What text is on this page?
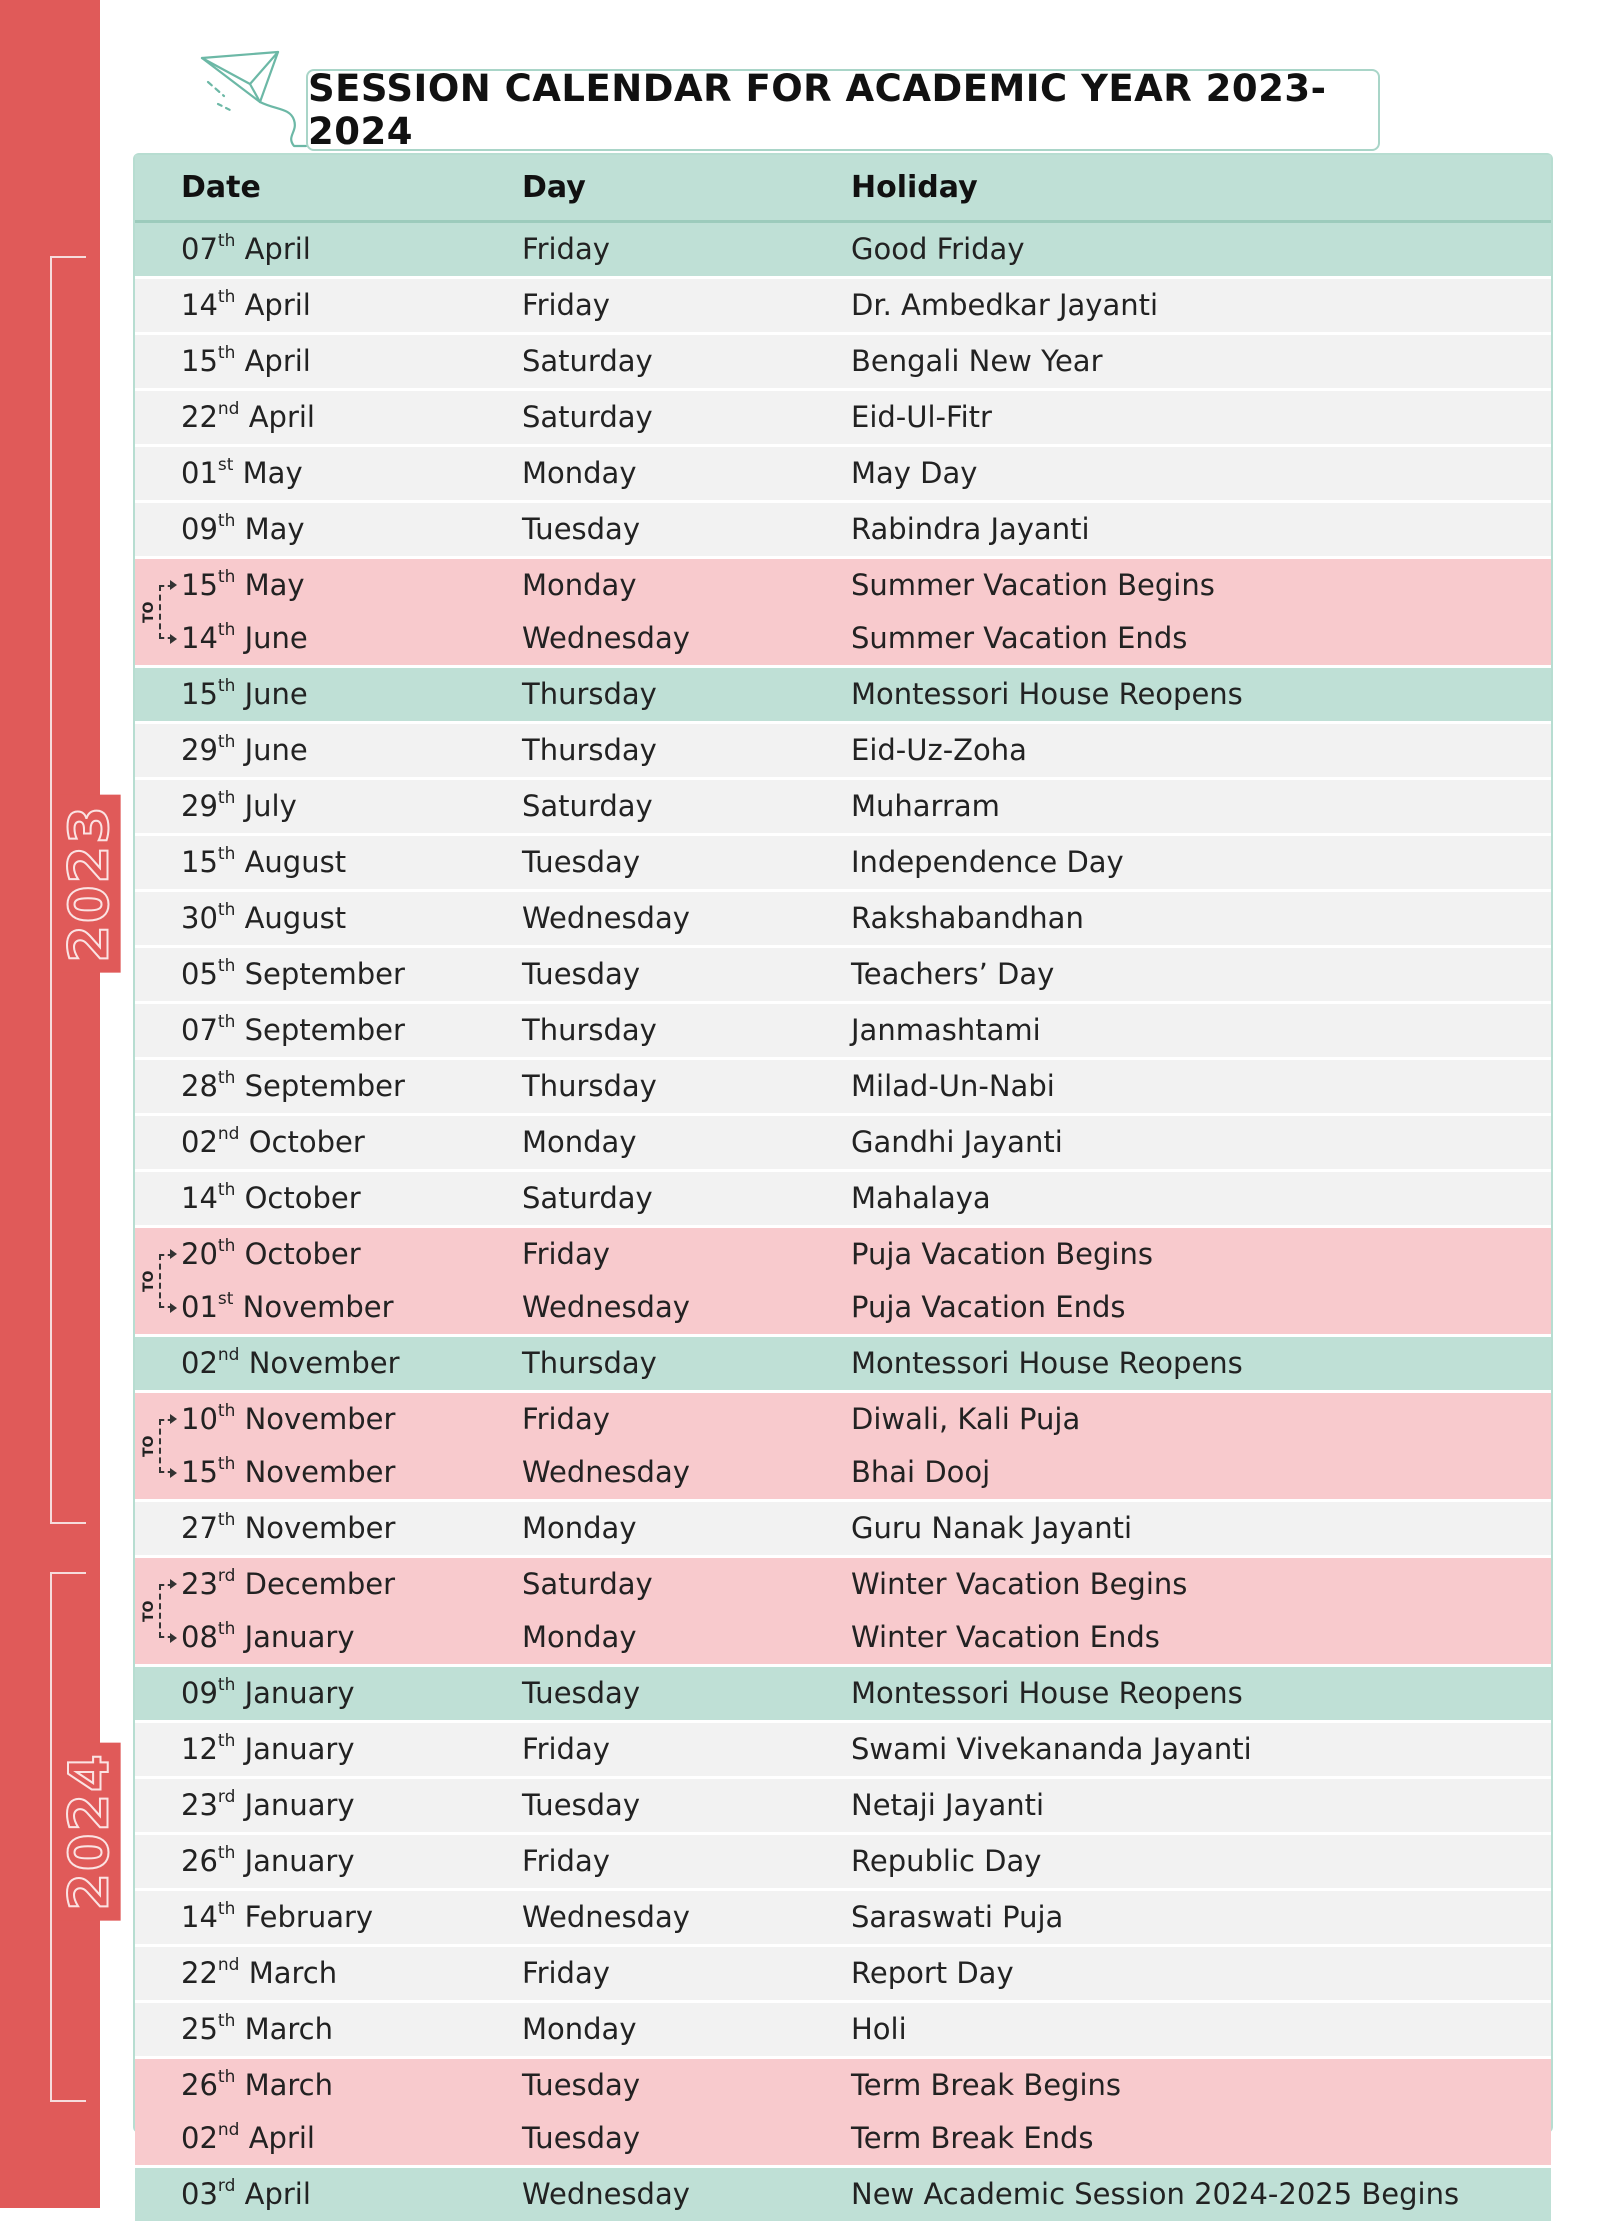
2023
2024
SESSION CALENDAR FOR ACADEMIC YEAR 2023-2024
Date	Day	Holiday
07th April	Friday	Good Friday
14th April	Friday	Dr. Ambedkar Jayanti
15th April	Saturday	Bengali New Year
22nd April	Saturday	Eid-Ul-Fitr
01st May	Monday	May Day
09th May	Tuesday	Rabindra Jayanti
15th May	Monday	Summer Vacation Begins
14th June	Wednesday	Summer Vacation Ends
TO
15th June	Thursday	Montessori House Reopens
29th June	Thursday	Eid-Uz-Zoha
29th July	Saturday	Muharram
15th August	Tuesday	Independence Day
30th August	Wednesday	Rakshabandhan
05th September	Tuesday	Teachers’ Day
07th September	Thursday	Janmashtami
28th September	Thursday	Milad-Un-Nabi
02nd October	Monday	Gandhi Jayanti
14th October	Saturday	Mahalaya
20th October	Friday	Puja Vacation Begins
01st November	Wednesday	Puja Vacation Ends
TO
02nd November	Thursday	Montessori House Reopens
10th November	Friday	Diwali, Kali Puja
15th November	Wednesday	Bhai Dooj
TO
27th November	Monday	Guru Nanak Jayanti
23rd December	Saturday	Winter Vacation Begins
08th January	Monday	Winter Vacation Ends
TO
09th January	Tuesday	Montessori House Reopens
12th January	Friday	Swami Vivekananda Jayanti
23rd January	Tuesday	Netaji Jayanti
26th January	Friday	Republic Day
14th February	Wednesday	Saraswati Puja
22nd March	Friday	Report Day
25th March	Monday	Holi
26th March	Tuesday	Term Break Begins
02nd April	Tuesday	Term Break Ends
03rd April	Wednesday	New Academic Session 2024-2025 Begins
